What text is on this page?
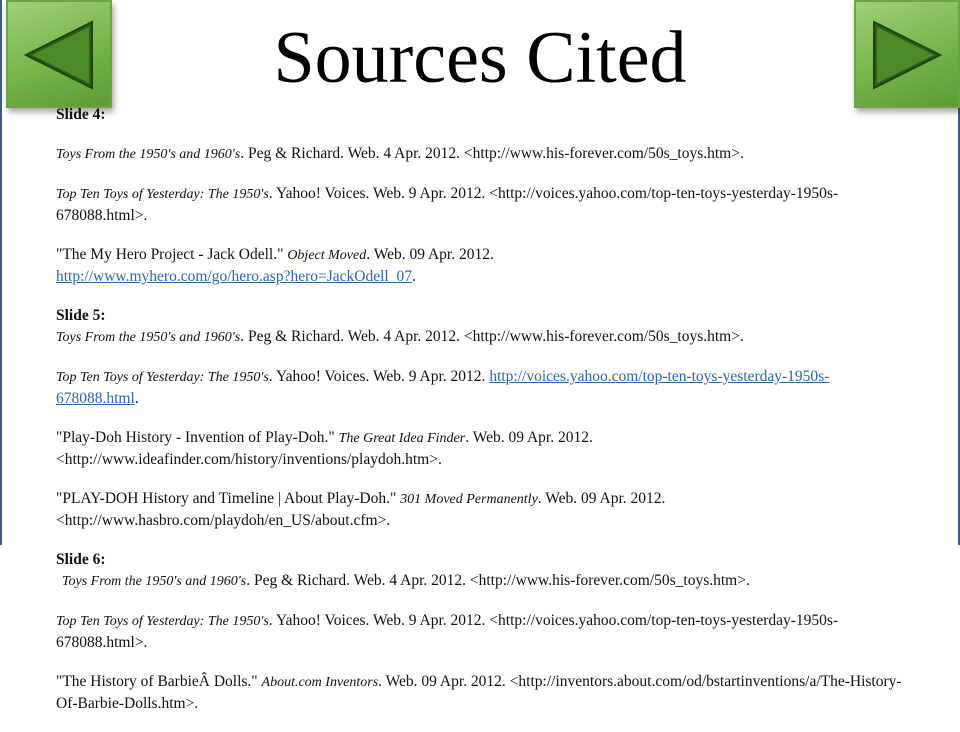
Sources Cited
Slide 4:

Toys From the 1950's and 1960's. Peg & Richard. Web. 4 Apr. 2012. <http://www.his-forever.com/50s_toys.htm>.

Top Ten Toys of Yesterday: The 1950's. Yahoo! Voices. Web. 9 Apr. 2012. <http://voices.yahoo.com/top-ten-toys-yesterday-1950s-678088.html>.

"The My Hero Project - Jack Odell." Object Moved. Web. 09 Apr. 2012.
http://www.myhero.com/go/hero.asp?hero=JackOdell_07.

Slide 5:

Toys From the 1950's and 1960's. Peg & Richard. Web. 4 Apr. 2012. <http://www.his-forever.com/50s_toys.htm>.

Top Ten Toys of Yesterday: The 1950's. Yahoo! Voices. Web. 9 Apr. 2012. http://voices.yahoo.com/top-ten-toys-yesterday-1950s-678088.html.

"Play-Doh History - Invention of Play-Doh." The Great Idea Finder. Web. 09 Apr. 2012. <http://www.ideafinder.com/history/inventions/playdoh.htm>.

"PLAY-DOH History and Timeline | About Play-Doh." 301 Moved Permanently. Web. 09 Apr. 2012. <http://www.hasbro.com/playdoh/en_US/about.cfm>.

Slide 6:

Toys From the 1950's and 1960's. Peg & Richard. Web. 4 Apr. 2012. <http://www.his-forever.com/50s_toys.htm>.

Top Ten Toys of Yesterday: The 1950's. Yahoo! Voices. Web. 9 Apr. 2012. <http://voices.yahoo.com/top-ten-toys-yesterday-1950s-678088.html>.

"The History of BarbieÂ Dolls." About.com Inventors. Web. 09 Apr. 2012. <http://inventors.about.com/od/bstartinventions/a/The-History-Of-Barbie-Dolls.htm>.
